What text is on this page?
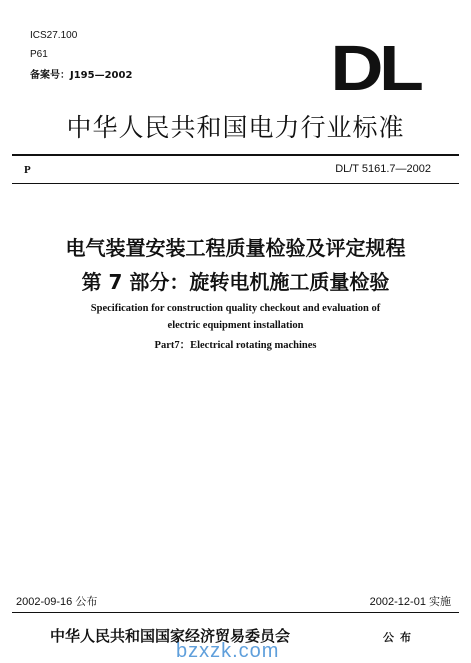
ICS27.100
P61
备案号：J195—2002	DL
中华人民共和国电力行业标准
P	DL/T 5161.7—2002
电气装置安装工程质量检验及评定规程
第 7 部分：旋转电机施工质量检验
Specification for construction quality checkout and evaluation of
electric equipment installation
Part7：Electrical rotating machines
2002-09-16 公布	2002-12-01 实施
中华人民共和国国家经济贸易委员会	公布
bzxzk.com
